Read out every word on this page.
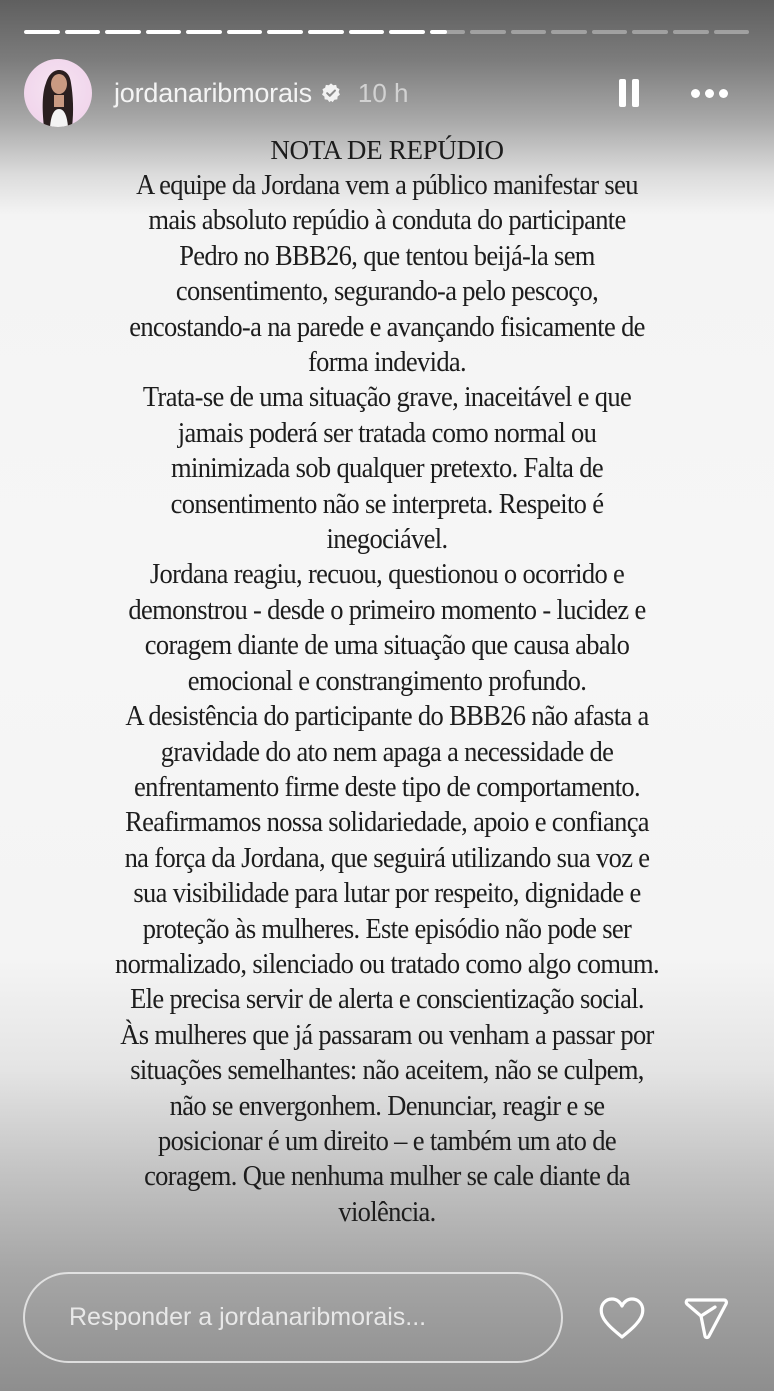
jordanaribmorais 10 h
NOTA DE REPÚDIO
A equipe da Jordana vem a público manifestar seu
mais absoluto repúdio à conduta do participante
Pedro no BBB26, que tentou beijá-la sem
consentimento, segurando-a pelo pescoço,
encostando-a na parede e avançando fisicamente de
forma indevida.
Trata-se de uma situação grave, inaceitável e que
jamais poderá ser tratada como normal ou
minimizada sob qualquer pretexto. Falta de
consentimento não se interpreta. Respeito é
inegociável.
Jordana reagiu, recuou, questionou o ocorrido e
demonstrou - desde o primeiro momento - lucidez e
coragem diante de uma situação que causa abalo
emocional e constrangimento profundo.
A desistência do participante do BBB26 não afasta a
gravidade do ato nem apaga a necessidade de
enfrentamento firme deste tipo de comportamento.
Reafirmamos nossa solidariedade, apoio e confiança
na força da Jordana, que seguirá utilizando sua voz e
sua visibilidade para lutar por respeito, dignidade e
proteção às mulheres. Este episódio não pode ser
normalizado, silenciado ou tratado como algo comum.
Ele precisa servir de alerta e conscientização social.
Às mulheres que já passaram ou venham a passar por
situações semelhantes: não aceitem, não se culpem,
não se envergonhem. Denunciar, reagir e se
posicionar é um direito – e também um ato de
coragem. Que nenhuma mulher se cale diante da
violência.
Responder a jordanaribmorais...
